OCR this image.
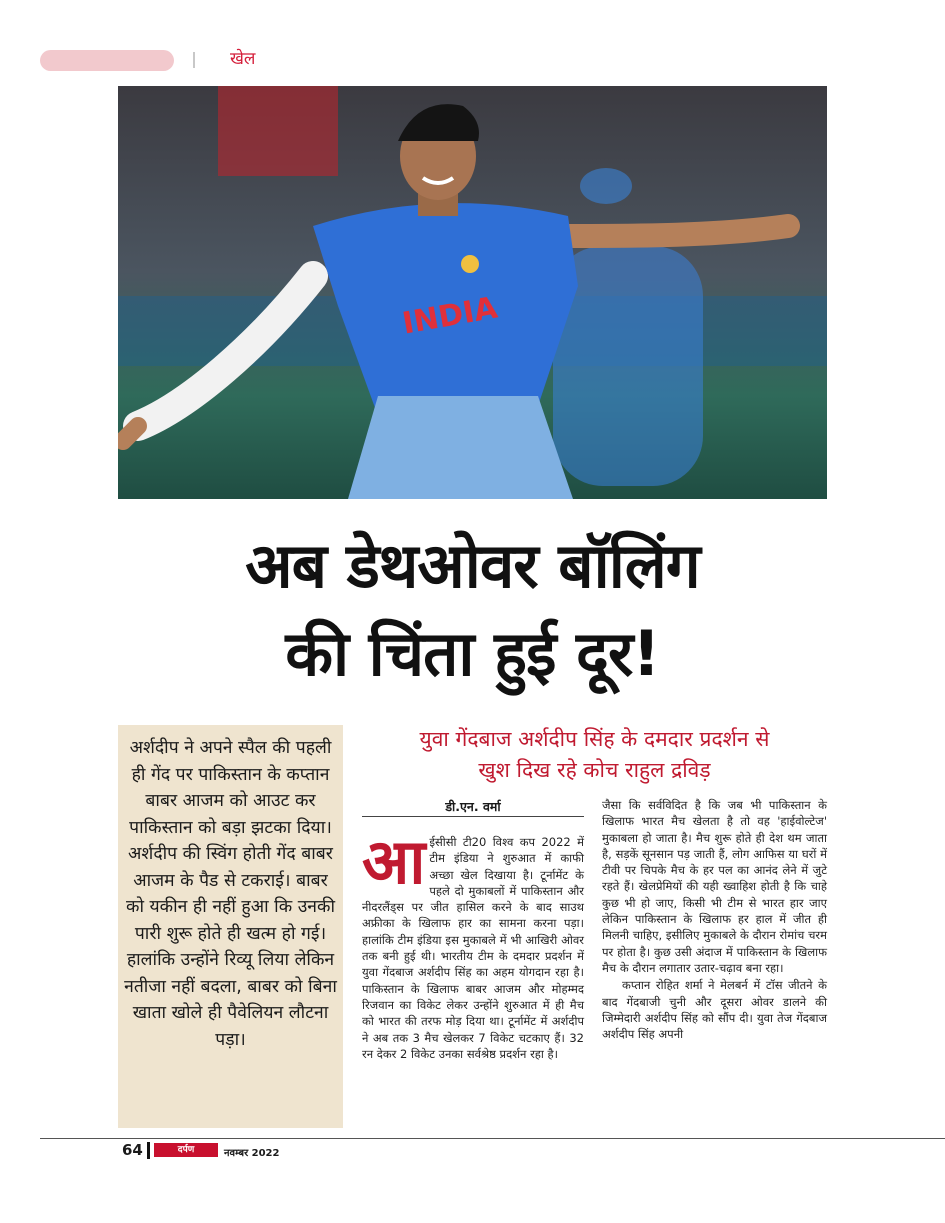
खेल
INDIA
अब डेथओवर बॉलिंग
की चिंता हुई दूर!

अर्शदीप ने अपने स्पैल की पहली ही गेंद पर पाकिस्तान के कप्तान बाबर आजम को आउट कर पाकिस्तान को बड़ा झटका दिया। अर्शदीप की स्विंग होती गेंद बाबर आजम के पैड से टकराई। बाबर को यकीन ही नहीं हुआ कि उनकी पारी शुरू होते ही खत्म हो गई। हालांकि उन्होंने रिव्यू लिया लेकिन नतीजा नहीं बदला, बाबर को बिना खाता खोले ही पैवेलियन लौटना पड़ा।

युवा गेंदबाज अर्शदीप सिंह के दमदार प्रदर्शन से
खुश दिख रहे कोच राहुल द्रविड़
डी.एन. वर्मा
आ ईसीसी टी20 विश्व कप 2022 में टीम इंडिया ने शुरुआत में काफी अच्छा खेल दिखाया है। टूर्नामेंट के पहले दो मुकाबलों में पाकिस्तान और नीदरलैंड्स पर जीत हासिल करने के बाद साउथ अफ्रीका के खिलाफ हार का सामना करना पड़ा। हालांकि टीम इंडिया इस मुकाबले में भी आखिरी ओवर तक बनी हुई थी। भारतीय टीम के दमदार प्रदर्शन में युवा गेंदबाज अर्शदीप सिंह का अहम योगदान रहा है। पाकिस्तान के खिलाफ बाबर आजम और मोहम्मद रिजवान का विकेट लेकर उन्होंने शुरुआत में ही मैच को भारत की तरफ मोड़ दिया था। टूर्नामेंट में अर्शदीप ने अब तक 3 मैच खेलकर 7 विकेट चटकाए हैं। 32 रन देकर 2 विकेट उनका सर्वश्रेष्ठ प्रदर्शन रहा है।
जैसा कि सर्वविदित है कि जब भी पाकिस्तान के खिलाफ भारत मैच खेलता है तो वह 'हाईवोल्टेज' मुकाबला हो जाता है। मैच शुरू होते ही देश थम जाता है, सड़कें सूनसान पड़ जाती हैं, लोग आफिस या घरों में टीवी पर चिपके मैच के हर पल का आनंद लेने में जुटे रहते हैं। खेलप्रेमियों की यही ख्वाहिश होती है कि चाहे कुछ भी हो जाए, किसी भी टीम से भारत हार जाए लेकिन पाकिस्तान के खिलाफ हर हाल में जीत ही मिलनी चाहिए, इसीलिए मुकाबले के दौरान रोमांच चरम पर होता है। कुछ उसी अंदाज में पाकिस्तान के खिलाफ मैच के दौरान लगातार उतार-चढ़ाव बना रहा।
कप्तान रोहित शर्मा ने मेलबर्न में टॉस जीतने के बाद गेंदबाजी चुनी और दूसरा ओवर डालने की जिम्मेदारी अर्शदीप सिंह को सौंप दी। युवा तेज गेंदबाज अर्शदीप सिंह अपनी
64	दर्पण	नवम्बर 2022
